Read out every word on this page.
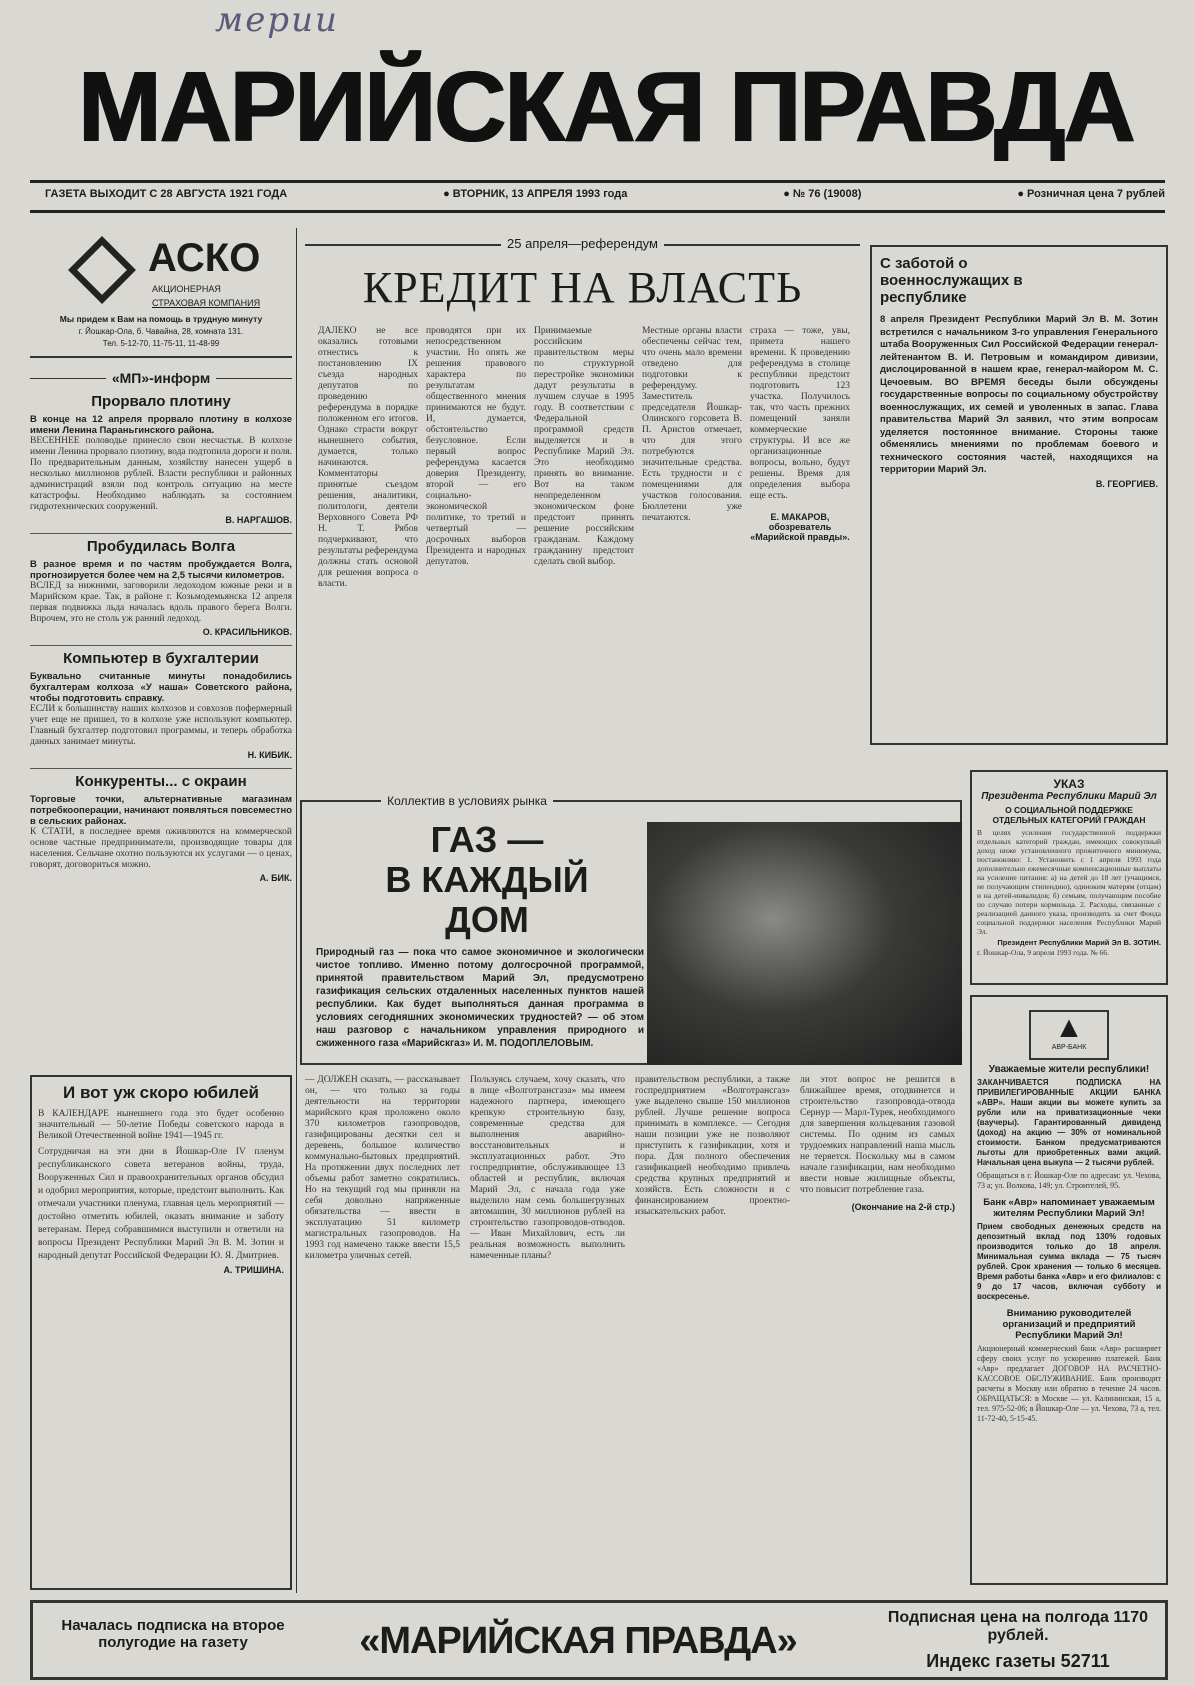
мерии
МАРИЙСКАЯ ПРАВДА
ГАЗЕТА ВЫХОДИТ С 28 АВГУСТА 1921 ГОДА	● ВТОРНИК, 13 АПРЕЛЯ 1993 года	● № 76 (19008)	● Розничная цена 7 рублей
АСКО
АКЦИОНЕРНАЯ
СТРАХОВАЯ КОМПАНИЯ
Мы придем к Вам на помощь в трудную минуту
г. Йошкар-Ола, б. Чавайна, 28, комната 131.
Тел. 5-12-70, 11-75-11, 11-48-99
«МП»-информ
Прорвало плотину

В конце на 12 апреля прорвало плотину в колхозе имени Ленина Параньгинского района.

ВЕСЕННЕЕ половодье принесло свои несчастья. В колхозе имени Ленина прорвало плотину, вода подтопила дороги и поля. По предварительным данным, хозяйству нанесен ущерб в несколько миллионов рублей. Власти республики и районных администраций взяли под контроль ситуацию на месте катастрофы. Необходимо наблюдать за состоянием гидротехнических сооружений.

В. НАРГАШОВ.

Пробудилась Волга

В разное время и по частям пробуждается Волга, прогнозируется более чем на 2,5 тысячи километров.

ВСЛЕД за нижними, заговорили ледоходом южные реки и в Марийском крае. Так, в районе г. Козьмодемьянска 12 апреля первая подвижка льда началась вдоль правого берега Волги. Впрочем, это не столь уж ранний ледоход.

О. КРАСИЛЬНИКОВ.

Компьютер в бухгалтерии

Буквально считанные минуты понадобились бухгалтерам колхоза «У наша» Советского района, чтобы подготовить справку.

ЕСЛИ к большинству наших колхозов и совхозов пофермерный учет еще не пришел, то в колхозе уже используют компьютер. Главный бухгалтер подготовил программы, и теперь обработка данных занимает минуты.

Н. КИБИК.

Конкуренты... с окраин

Торговые точки, альтернативные магазинам потребкооперации, начинают появляться повсеместно в сельских районах.

К СТАТИ, в последнее время оживляются на коммерческой основе частные предприниматели, производящие товары для населения. Сельчане охотно пользуются их услугами — о ценах, говорят, договориться можно.

А. БИК.

И вот уж скоро юбилей

В КАЛЕНДАРЕ нынешнего года это будет особенно значительный — 50-летие Победы советского народа в Великой Отечественной войне 1941—1945 гг.

Сотрудничая на эти дни в Йошкар-Оле IV пленум республиканского совета ветеранов войны, труда, Вооруженных Сил и правоохранительных органов обсудил и одобрил мероприятия, которые, предстоит выполнить. Как отмечали участники пленума, главная цель мероприятий — достойно отметить юбилей, оказать внимание и заботу ветеранам. Перед собравшимися выступили и ответили на вопросы Президент Республики Марий Эл В. М. Зотин и народный депутат Российской Федерации Ю. Я. Дмитриев.

А. ТРИШИНА.

25 апреля—референдум
КРЕДИТ НА ВЛАСТЬ

ДАЛЕКО не все оказались готовыми отнестись к постановлению IX съезда народных депутатов по проведению референдума в порядке положенном его итогов. Однако страсти вокруг нынешнего события, думается, только начинаются. Комментаторы принятые съездом решения, аналитики, политологи, деятели Верховного Совета РФ Н. Т. Рябов подчеркивают, что результаты референдума должны стать основой для решения вопроса о власти.

проводятся при их непосредственном участии. Но опять же решения правового характера по результатам общественного мнения принимаются не будут. И, думается, обстоятельство безусловное. Если первый вопрос референдума касается доверия Президенту, второй — его социально-экономической политике, то третий и четвертый — досрочных выборов Президента и народных депутатов.

Принимаемые российским правительством меры по структурной перестройке экономики дадут результаты в лучшем случае в 1995 году. В соответствии с Федеральной программой средств выделяется и в Республике Марий Эл. Это необходимо принять во внимание. Вот на таком неопределенном экономическом фоне предстоит принять решение российским гражданам. Каждому гражданину предстоит сделать свой выбор.

Местные органы власти обеспечены сейчас тем, что очень мало времени отведено для подготовки к референдуму. Заместитель председателя Йошкар-Олинского горсовета В. П. Аристов отмечает, что для этого потребуются значительные средства. Есть трудности и с помещениями для участков голосования. Бюллетени уже печатаются.

страха — тоже, увы, примета нашего времени. К проведению референдума в столице республики предстоит подготовить 123 участка. Получилось так, что часть прежних помещений заняли коммерческие структуры. И все же организационные вопросы, вольно, будут решены. Время для определения выбора еще есть.

Е. МАКАРОВ, обозреватель «Марийской правды».

С заботой о военнослужащих в республике

8 апреля Президент Республики Марий Эл В. М. Зотин встретился с начальником 3-го управления Генерального штаба Вооруженных Сил Российской Федерации генерал-лейтенантом В. И. Петровым и командиром дивизии, дислоцированной в нашем крае, генерал-майором М. С. Цечоевым. ВО ВРЕМЯ беседы были обсуждены государственные вопросы по социальному обустройству военнослужащих, их семей и уволенных в запас. Глава правительства Марий Эл заявил, что этим вопросам уделяется постоянное внимание. Стороны также обменялись мнениями по проблемам боевого и технического состояния частей, находящихся на территории Марий Эл.

В. ГЕОРГИЕВ.

Коллектив в условиях рынка
ГАЗ —
В КАЖДЫЙ
ДОМ

Природный газ — пока что самое экономичное и экологически чистое топливо. Именно потому долгосрочной программой, принятой правительством Марий Эл, предусмотрено газификация сельских отдаленных населенных пунктов нашей республики. Как будет выполняться данная программа в условиях сегодняшних экономических трудностей? — об этом наш разговор с начальником управления природного и сжиженного газа «Марийскгаз» И. М. ПОДОПЛЕЛОВЫМ.

— ДОЛЖЕН сказать, — рассказывает он, — что только за годы деятельности на территории марийского края проложено около 370 километров газопроводов, газифицированы десятки сел и деревень, большое количество коммунально-бытовых предприятий. На протяжении двух последних лет объемы работ заметно сократились. Но на текущий год мы приняли на себя довольно напряженные обязательства — ввести в эксплуатацию 51 километр магистральных газопроводов. На 1993 год намечено также ввести 15,5 километра уличных сетей.

Пользуясь случаем, хочу сказать, что в лице «Волготрансгаза» мы имеем надежного партнера, имеющего крепкую строительную базу, современные средства для выполнения аварийно-восстановительных и эксплуатационных работ. Это госпредприятие, обслуживающее 13 областей и республик, включая Марий Эл, с начала года уже выделило нам семь большегрузных автомашин, 30 миллионов рублей на строительство газопроводов-отводов. — Иван Михайлович, есть ли реальная возможность выполнить намеченные планы?

правительством республики, а также госпредприятием «Волготрансгаз» уже выделено свыше 150 миллионов рублей. Лучше решение вопроса принимать в комплексе. — Сегодня наши позиции уже не позволяют приступить к газификации, хотя и пора. Для полного обеспечения газификацией необходимо привлечь средства крупных предприятий и хозяйств. Есть сложности и с финансированием проектно-изыскательских работ.

ли этот вопрос не решится в ближайшее время, отодвинется и строительство газопровода-отвода Сернур — Марл-Турек, необходимого для завершения кольцевания газовой системы. По одним из самых трудоемких направлений наша мысль не теряется. Поскольку мы в самом начале газификации, нам необходимо ввести новые жилищные объекты, что повысит потребление газа.

(Окончание на 2-й стр.)

УКАЗ
Президента Республики Марий Эл
О СОЦИАЛЬНОЙ ПОДДЕРЖКЕ ОТДЕЛЬНЫХ КАТЕГОРИЙ ГРАЖДАН

В целях усиления государственной поддержки отдельных категорий граждан, имеющих совокупный доход ниже установленного прожиточного минимума, постановляю: 1. Установить с 1 апреля 1993 года дополнительно ежемесячные компенсационные выплаты на усиление питания: а) на детей до 18 лет (учащимся, не получающим стипендию), одиноким матерям (отцам) и на детей-инвалидов; б) семьям, получающим пособие по случаю потери кормильца. 2. Расходы, связанные с реализацией данного указа, производить за счет Фонда социальной поддержки населения Республики Марий Эл.

Президент Республики Марий Эл В. ЗОТИН.

г. Йошкар-Ола, 9 апреля 1993 года. № 66.

▲
АВР-БАНК
Уважаемые жители республики!

ЗАКАНЧИВАЕТСЯ ПОДПИСКА НА ПРИВИЛЕГИРОВАННЫЕ АКЦИИ БАНКА «АВР». Наши акции вы можете купить за рубли или на приватизационные чеки (ваучеры). Гарантированный дивиденд (доход) на акцию — 30% от номинальной стоимости. Банком предусматриваются льготы для приобретенных вами акций. Начальная цена выкупа — 2 тысячи рублей.

Обращаться в г. Йошкар-Оле по адресам: ул. Чехова, 73 а; ул. Волкова, 149; ул. Строителей, 95.

Банк «Авр» напоминает уважаемым жителям Республики Марий Эл!

Прием свободных денежных средств на депозитный вклад под 130% годовых производится только до 18 апреля. Минимальная сумма вклада — 75 тысяч рублей. Срок хранения — только 6 месяцев. Время работы банка «Авр» и его филиалов: с 9 до 17 часов, включая субботу и воскресенье.

Вниманию руководителей организаций и предприятий Республики Марий Эл!

Акционерный коммерческий банк «Авр» расширяет сферу своих услуг по ускорению платежей. Банк «Авр» предлагает ДОГОВОР НА РАСЧЕТНО-КАССОВОЕ ОБСЛУЖИВАНИЕ. Банк производит расчеты в Москву или обратно в течение 24 часов. ОБРАЩАТЬСЯ: в Москве — ул. Калининская, 15 а, тел. 975-52-06; в Йошкар-Оле — ул. Чехова, 73 а, тел. 11-72-40, 5-15-45.

Началась подписка на второе полугодие на газету	«МАРИЙСКАЯ ПРАВДА»
Подписная цена на полгода 1170 рублей.
Индекс газеты 52711
